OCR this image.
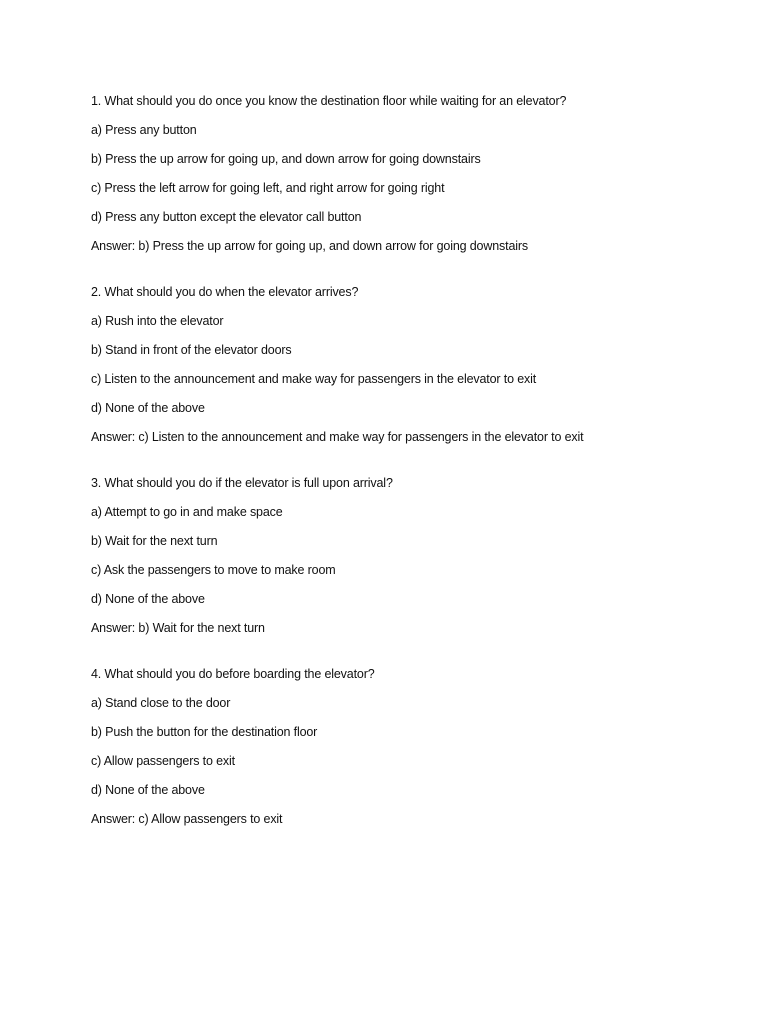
1. What should you do once you know the destination floor while waiting for an elevator?
a) Press any button
b) Press the up arrow for going up, and down arrow for going downstairs
c) Press the left arrow for going left, and right arrow for going right
d) Press any button except the elevator call button
Answer: b) Press the up arrow for going up, and down arrow for going downstairs
2. What should you do when the elevator arrives?
a) Rush into the elevator
b) Stand in front of the elevator doors
c) Listen to the announcement and make way for passengers in the elevator to exit
d) None of the above
Answer: c) Listen to the announcement and make way for passengers in the elevator to exit
3. What should you do if the elevator is full upon arrival?
a) Attempt to go in and make space
b) Wait for the next turn
c) Ask the passengers to move to make room
d) None of the above
Answer: b) Wait for the next turn
4. What should you do before boarding the elevator?
a) Stand close to the door
b) Push the button for the destination floor
c) Allow passengers to exit
d) None of the above
Answer: c) Allow passengers to exit
